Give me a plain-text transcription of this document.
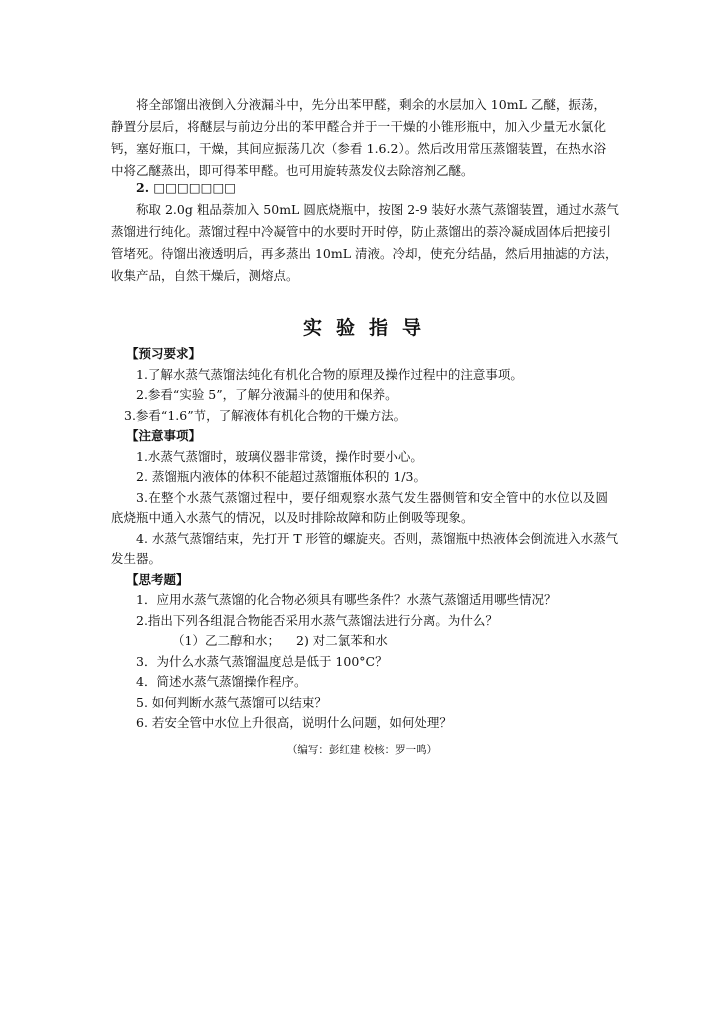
将全部馏出液倒入分液漏斗中，先分出苯甲醛，剩余的水层加入 10mL 乙醚，振荡，
静置分层后，将醚层与前边分出的苯甲醛合并于一干燥的小锥形瓶中，加入少量无水氯化
钙，塞好瓶口，干燥，其间应振荡几次（参看 1.6.2）。然后改用常压蒸馏装置，在热水浴
中将乙醚蒸出，即可得苯甲醛。也可用旋转蒸发仪去除溶剂乙醚。
2. □□□□□□□
称取 2.0g 粗品萘加入 50mL 圆底烧瓶中，按图 2-9 装好水蒸气蒸馏装置，通过水蒸气
蒸馏进行纯化。蒸馏过程中冷凝管中的水要时开时停，防止蒸馏出的萘冷凝成固体后把接引
管堵死。待馏出液透明后，再多蒸出 10mL 清液。冷却，使充分结晶，然后用抽滤的方法，
收集产品，自然干燥后，测熔点。
实验指导
【预习要求】
1.了解水蒸气蒸馏法纯化有机化合物的原理及操作过程中的注意事项。
2.参看“实验 5”，了解分液漏斗的使用和保养。
3.参看“1.6”节，了解液体有机化合物的干燥方法。
【注意事项】
1.水蒸气蒸馏时，玻璃仪器非常烫，操作时要小心。
2. 蒸馏瓶内液体的体积不能超过蒸馏瓶体积的 1/3。
3.在整个水蒸气蒸馏过程中，要仔细观察水蒸气发生器侧管和安全管中的水位以及圆
底烧瓶中通入水蒸气的情况，以及时排除故障和防止倒吸等现象。
4. 水蒸气蒸馏结束，先打开 T 形管的螺旋夹。否则，蒸馏瓶中热液体会倒流进入水蒸气
发生器。
【思考题】
1．应用水蒸气蒸馏的化合物必须具有哪些条件？水蒸气蒸馏适用哪些情况？
2.指出下列各组混合物能否采用水蒸气蒸馏法进行分离。为什么？
（1）乙二醇和水； 2) 对二氯苯和水
3．为什么水蒸气蒸馏温度总是低于 100°C？
4．简述水蒸气蒸馏操作程序。
5. 如何判断水蒸气蒸馏可以结束？
6. 若安全管中水位上升很高，说明什么问题，如何处理？
（编写：彭红建 校核：罗一鸣）
